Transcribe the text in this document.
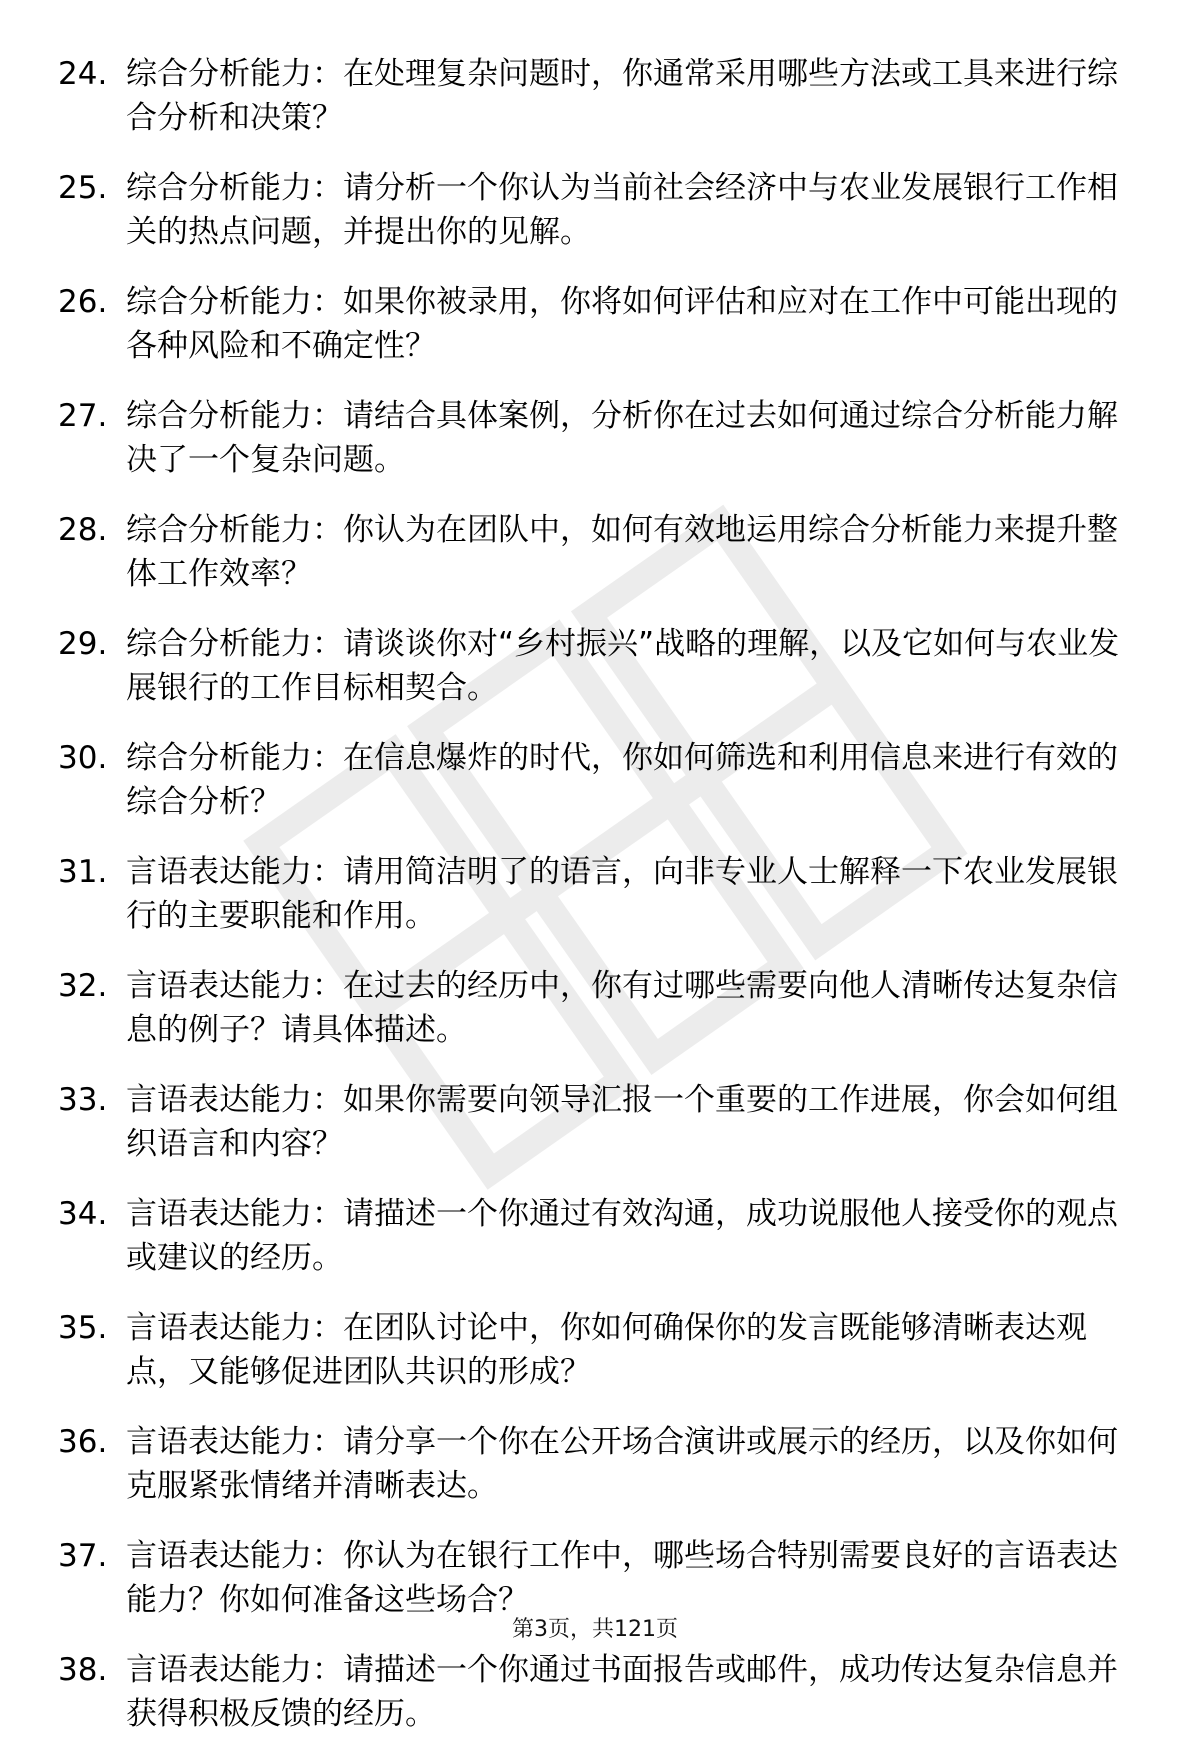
24. 综合分析能力：在处理复杂问题时，你通常采用哪些方法或工具来进行综合分析和决策？
25. 综合分析能力：请分析一个你认为当前社会经济中与农业发展银行工作相关的热点问题，并提出你的见解。
26. 综合分析能力：如果你被录用，你将如何评估和应对在工作中可能出现的各种风险和不确定性？
27. 综合分析能力：请结合具体案例，分析你在过去如何通过综合分析能力解决了一个复杂问题。
28. 综合分析能力：你认为在团队中，如何有效地运用综合分析能力来提升整体工作效率？
29. 综合分析能力：请谈谈你对“乡村振兴”战略的理解，以及它如何与农业发展银行的工作目标相契合。
30. 综合分析能力：在信息爆炸的时代，你如何筛选和利用信息来进行有效的综合分析？
31. 言语表达能力：请用简洁明了的语言，向非专业人士解释一下农业发展银行的主要职能和作用。
32. 言语表达能力：在过去的经历中，你有过哪些需要向他人清晰传达复杂信息的例子？请具体描述。
33. 言语表达能力：如果你需要向领导汇报一个重要的工作进展，你会如何组织语言和内容？
34. 言语表达能力：请描述一个你通过有效沟通，成功说服他人接受你的观点或建议的经历。
35. 言语表达能力：在团队讨论中，你如何确保你的发言既能够清晰表达观点，又能够促进团队共识的形成？
36. 言语表达能力：请分享一个你在公开场合演讲或展示的经历，以及你如何克服紧张情绪并清晰表达。
37. 言语表达能力：你认为在银行工作中，哪些场合特别需要良好的言语表达能力？你如何准备这些场合？
38. 言语表达能力：请描述一个你通过书面报告或邮件，成功传达复杂信息并获得积极反馈的经历。
第3页，共121页
